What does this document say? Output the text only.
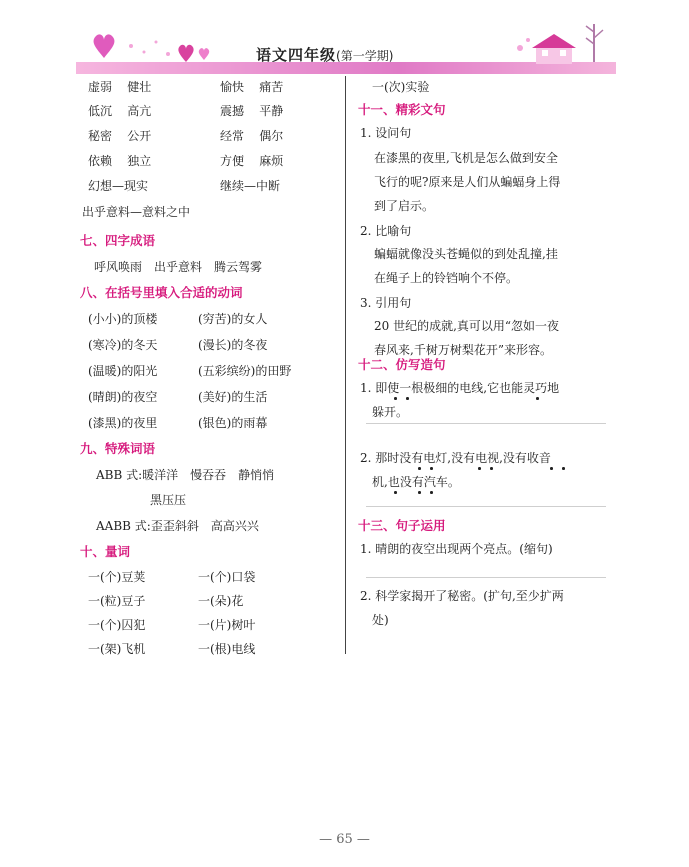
语文四年级(第一学期)
虚弱 健壮	愉快 痛苦
低沉 高亢	震撼 平静
秘密 公开	经常 偶尔
依赖 独立	方便 麻烦
幻想—现实	继续—中断
出乎意料—意料之中
七、四字成语
呼风唤雨　出乎意料　腾云驾雾
八、在括号里填入合适的动词
(小小)的顶楼	(穷苦)的女人
(寒冷)的冬天	(漫长)的冬夜
(温暖)的阳光	(五彩缤纷)的田野
(晴朗)的夜空	(美好)的生活
(漆黑)的夜里	(银色)的雨幕
九、特殊词语
ABB 式:暖洋洋　慢吞吞　静悄悄
黑压压
AABB 式:歪歪斜斜　高高兴兴
十、量词
一(个)豆荚	一(个)口袋
一(粒)豆子	一(朵)花
一(个)囚犯	一(片)树叶
一(架)飞机	一(根)电线
一(次)实验
十一、精彩文句
1. 设问句
在漆黑的夜里,飞机是怎么做到安全
飞行的呢?原来是人们从蝙蝠身上得
到了启示。
2. 比喻句
蝙蝠就像没头苍蝇似的到处乱撞,挂
在绳子上的铃铛响个不停。
3. 引用句
20 世纪的成就,真可以用“忽如一夜
春风来,千树万树梨花开”来形容。
十二、仿写造句
1. 即使一根极细的电线,它也能灵巧地
　躲开。
2. 那时没有电灯,没有电视,没有收音
　机,也没有汽车。
十三、句子运用
1. 晴朗的夜空出现两个亮点。(缩句)
2. 科学家揭开了秘密。(扩句,至少扩两
　处)
— 65 —
